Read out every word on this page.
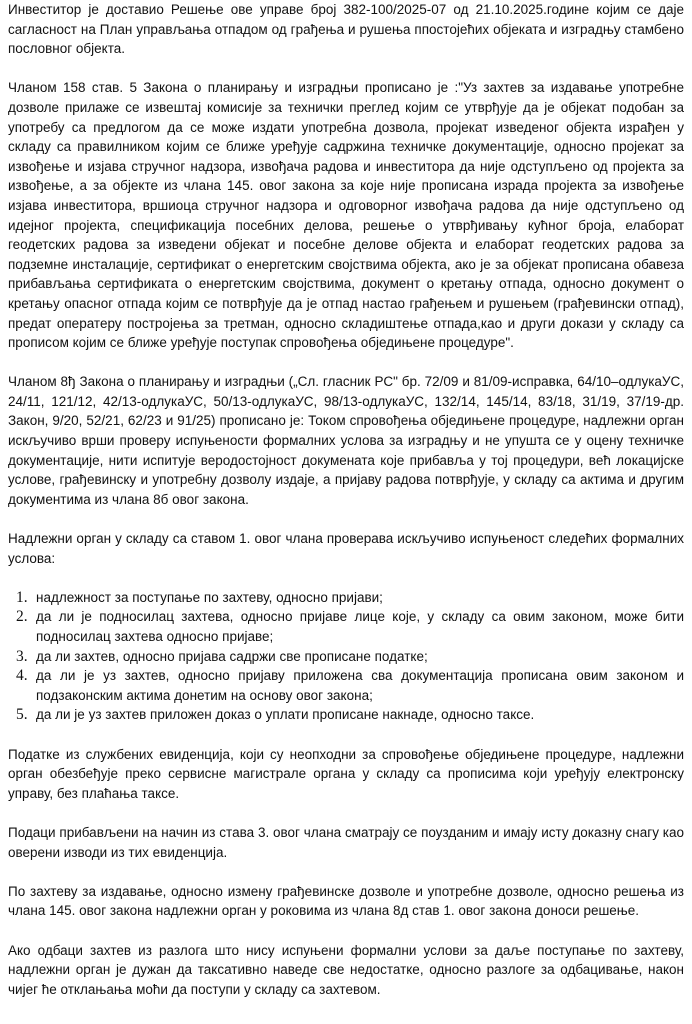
Инвеститор је доставио Решење ове управе број 382-100/2025-07 од 21.10.2025.године којим се даје сагласност на План управљања отпадом од грађења и рушења ппостојећих објеката и изградњу стамбено пословног објекта.

Чланом 158 став. 5 Закона о планирању и изградњи прописано је :"Уз захтев за издавање употребне дозволе прилаже се извештај комисије за технички преглед којим се утврђује да је објекат подобан за употребу са предлогом да се може издати употребна дозвола, пројекат изведеног објекта израђен у складу са правилником којим се ближе уређује садржина техничке документације, односно пројекат за извођење и изјава стручног надзора, извођача радова и инвеститора да није одступљено од пројекта за извођење, а за објекте из члана 145. овог закона за које није прописана израда пројекта за извођење изјава инвеститора, вршиоца стручног надзора и одговорног извођача радова да није одступљено од идејног пројекта, спецификација посебних делова, решење о утврђивању кућног броја, елаборат геодетских радова за изведени објекат и посебне делове објекта и елаборат геодетских радова за подземне инсталације, сертификат о енергетским својствима објекта, ако је за објекат прописана обавеза прибављања сертификата о енергетским својствима, документ о кретању отпада, односно документ о кретању опасног отпада којим се потврђује да је отпад настао грађењем и рушењем (грађевински отпад), предат оператеру постројења за третман, односно складиштење отпада,као и други докази у складу са прописом којим се ближе уређује поступак спровођења обједињене процедуре".

Чланом 8ђ Закона о планирању и изградњи („Сл. гласник РС" бр. 72/09 и 81/09-исправка, 64/10–одлукаУС, 24/11, 121/12, 42/13-одлукаУС, 50/13-одлукаУС, 98/13-одлукаУС, 132/14, 145/14, 83/18, 31/19, 37/19-др. Закон, 9/20, 52/21, 62/23 и 91/25) прописано је: Током спровођења обједињене процедуре, надлежни орган искључиво врши проверу испуњености формалних услова за изградњу и не упушта се у оцену техничке документације, нити испитује веродостојност докумената које прибавља у тој процедури, већ локацијске услове, грађевинску и употребну дозволу издаје, а пријаву радова потврђује, у складу са актима и другим документима из члана 8б овог закона.

Надлежни орган у складу са ставом 1. овог члана проверава искључиво испуњеност следећих формалних услова:

1. надлежност за поступање по захтеву, односно пријави;
2. да ли је подносилац захтева, односно пријаве лице које, у складу са овим законом, може бити подносилац захтева односно пријаве;
3. да ли захтев, односно пријава садржи све прописане податке;
4. да ли је уз захтев, односно пријаву приложена сва документација прописана овим законом и подзаконским актима донетим на основу овог закона;
5. да ли је уз захтев приложен доказ о уплати прописане накнаде, односно таксе.

Податке из службених евиденција, који су неопходни за спровођење обједињене процедуре, надлежни орган обезбеђује преко сервисне магистрале органа у складу са прописима који уређују електронску управу, без плаћања таксе.

Подаци прибављени на начин из става 3. овог члана сматрају се поузданим и имају исту доказну снагу као оверени изводи из тих евиденција.

По захтеву за издавање, односно измену грађевинске дозволе и употребне дозволе, односно решења из члана 145. овог закона надлежни орган у роковима из члана 8д став 1. овог закона доноси решење.

Ако одбаци захтев из разлога што нису испуњени формални услови за даље поступање по захтеву, надлежни орган је дужан да таксативно наведе све недостатке, односно разлоге за одбацивање, након чијег ће отклањања моћи да поступи у складу са захтевом.
